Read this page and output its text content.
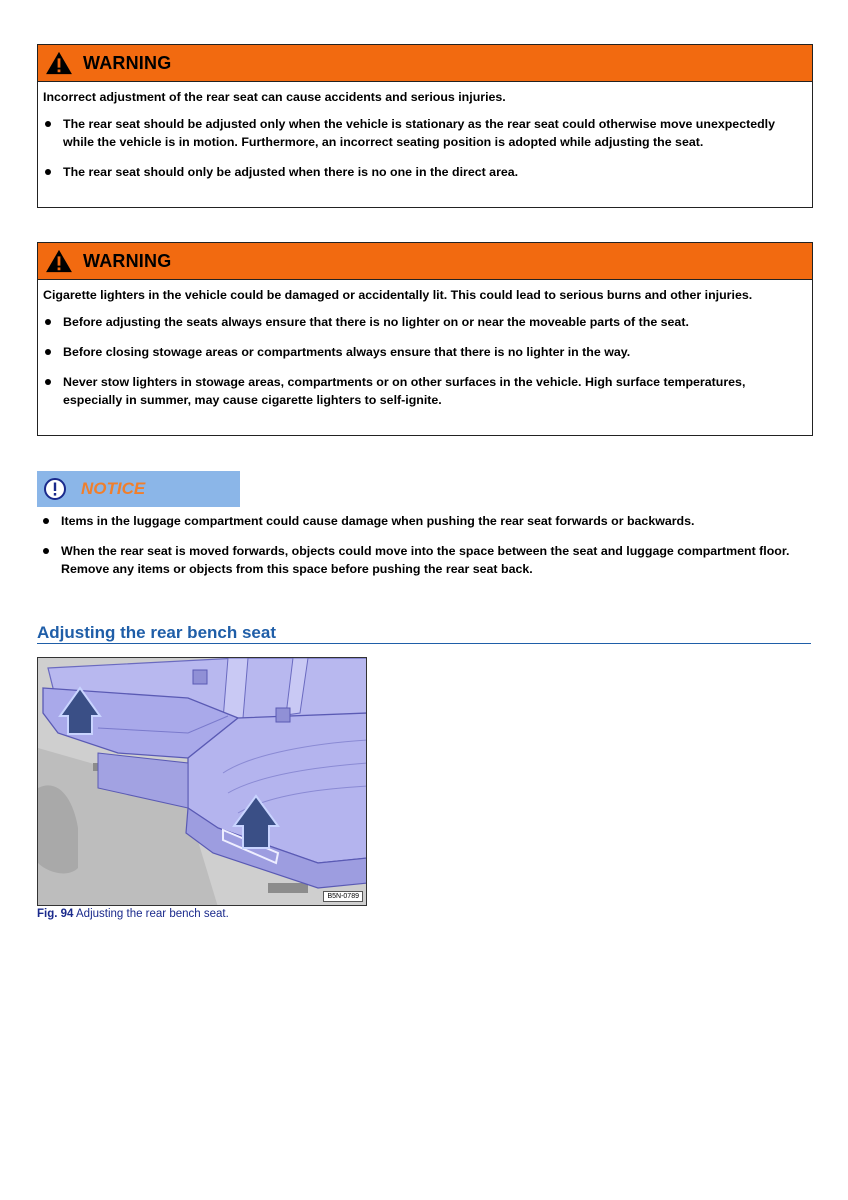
WARNING

Incorrect adjustment of the rear seat can cause accidents and serious injuries.

The rear seat should be adjusted only when the vehicle is stationary as the rear seat could otherwise move unexpectedly while the vehicle is in motion. Furthermore, an incorrect seating position is adopted while adjusting the seat.
The rear seat should only be adjusted when there is no one in the direct area.
WARNING

Cigarette lighters in the vehicle could be damaged or accidentally lit. This could lead to serious burns and other injuries.

Before adjusting the seats always ensure that there is no lighter on or near the moveable parts of the seat.
Before closing stowage areas or compartments always ensure that there is no lighter in the way.
Never stow lighters in stowage areas, compartments or on other surfaces in the vehicle. High surface temperatures, especially in summer, may cause cigarette lighters to self-ignite.
NOTICE
Items in the luggage compartment could cause damage when pushing the rear seat forwards or backwards.
When the rear seat is moved forwards, objects could move into the space between the seat and luggage compartment floor. Remove any items or objects from this space before pushing the rear seat back.
Adjusting the rear bench seat
B5N-0789
Fig. 94 Adjusting the rear bench seat.
